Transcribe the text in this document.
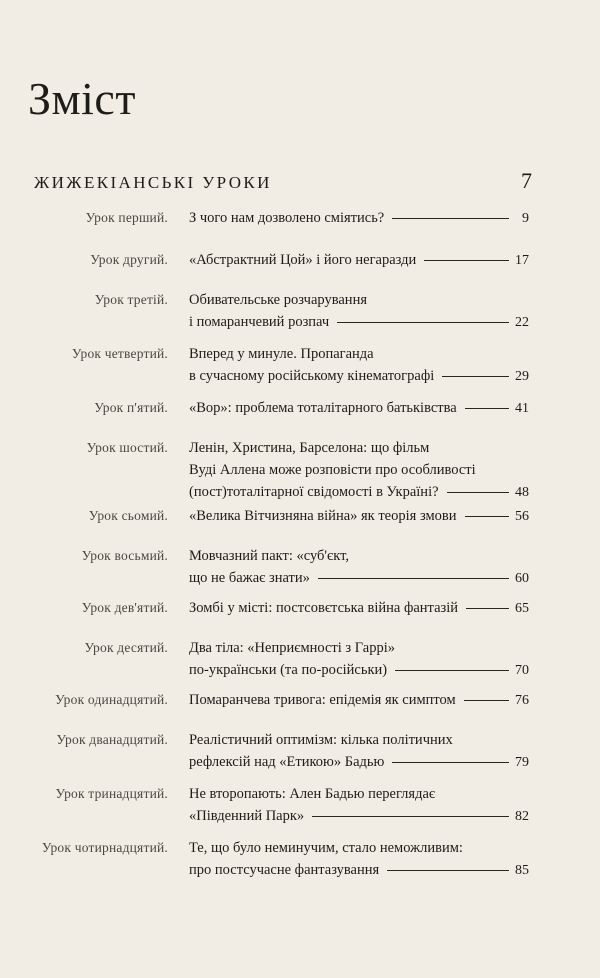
Зміст
ЖИЖЕКІАНСЬКІ УРОКИ	7
Урок перший. З чого нам дозволено сміятись?	9
Урок другий. «Абстрактний Цой» і його негаразди	17
Урок третій. Обивательське розчарування
і помаранчевий розпач	22
Урок четвертий. Вперед у минуле. Пропаганда
в сучасному російському кінематографі	29
Урок п'ятий. «Вор»: проблема тоталітарного батьківства	41
Урок шостий. Ленін, Христина, Барселона: що фільм
Вуді Аллена може розповісти про особливості
(пост)тоталітарної свідомості в Україні?	48
Урок сьомий. «Велика Вітчизняна війна» як теорія змови	56
Урок восьмий. Мовчазний пакт: «суб'єкт,
що не бажає знати»	60
Урок дев'ятий. Зомбі у місті: постсовєтська війна фантазій	65
Урок десятий. Два тіла: «Неприємності з Гаррі»
по-українськи (та по-російськи)	70
Урок одинадцятий. Помаранчева тривога: епідемія як симптом	76
Урок дванадцятий. Реалістичний оптимізм: кілька політичних
рефлексій над «Етикою» Бадью	79
Урок тринадцятий. Не второпають: Ален Бадью переглядає
«Південний Парк»	82
Урок чотирнадцятий. Те, що було неминучим, стало неможливим:
про постсучасне фантазування	85
